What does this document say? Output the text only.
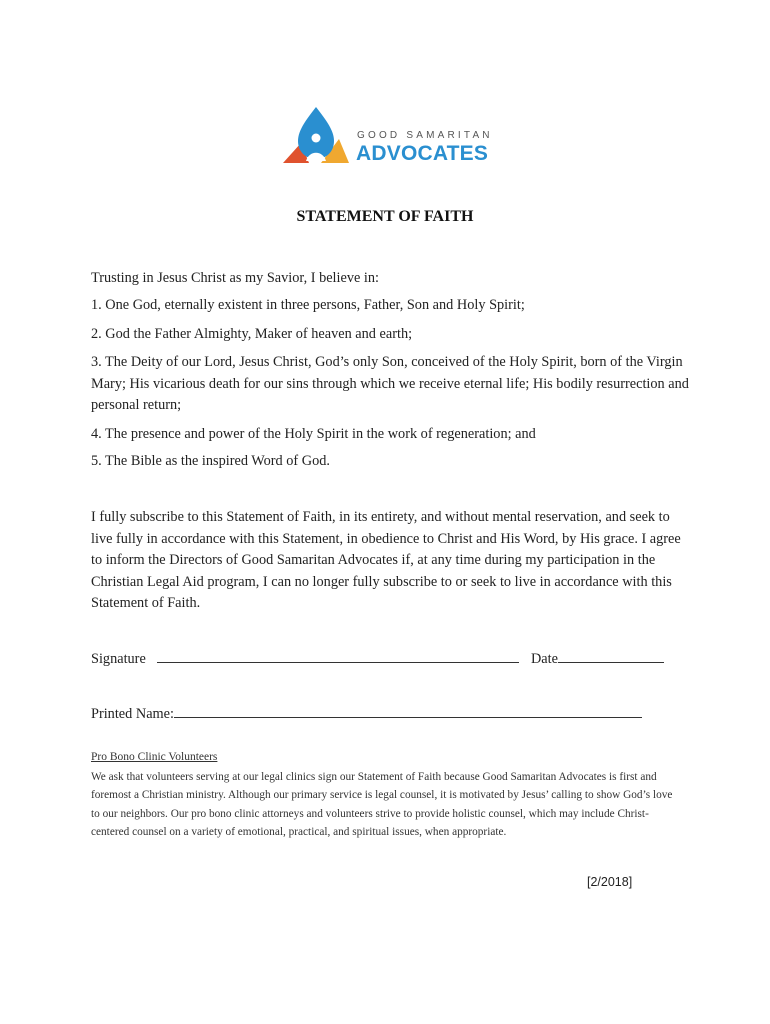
GOOD SAMARITAN
ADVOCATES
STATEMENT OF FAITH

Trusting in Jesus Christ as my Savior, I believe in:

1. One God, eternally existent in three persons, Father, Son and Holy Spirit;

2. God the Father Almighty, Maker of heaven and earth;

3. The Deity of our Lord, Jesus Christ, God’s only Son, conceived of the Holy Spirit, born of the Virgin Mary; His vicarious death for our sins through which we receive eternal life; His bodily resurrection and personal return;

4. The presence and power of the Holy Spirit in the work of regeneration; and

5. The Bible as the inspired Word of God.

I fully subscribe to this Statement of Faith, in its entirety, and without mental reservation, and seek to live fully in accordance with this Statement, in obedience to Christ and His Word, by His grace. I agree to inform the Directors of Good Samaritan Advocates if, at any time during my participation in the Christian Legal Aid program, I can no longer fully subscribe to or seek to live in accordance with this Statement of Faith.

Signature	Date
Printed Name:
Pro Bono Clinic Volunteers

We ask that volunteers serving at our legal clinics sign our Statement of Faith because Good Samaritan Advocates is first and foremost a Christian ministry. Although our primary service is legal counsel, it is motivated by Jesus’ calling to show God’s love to our neighbors. Our pro bono clinic attorneys and volunteers strive to provide holistic counsel, which may include Christ-centered counsel on a variety of emotional, practical, and spiritual issues, when appropriate.

[2/2018]
